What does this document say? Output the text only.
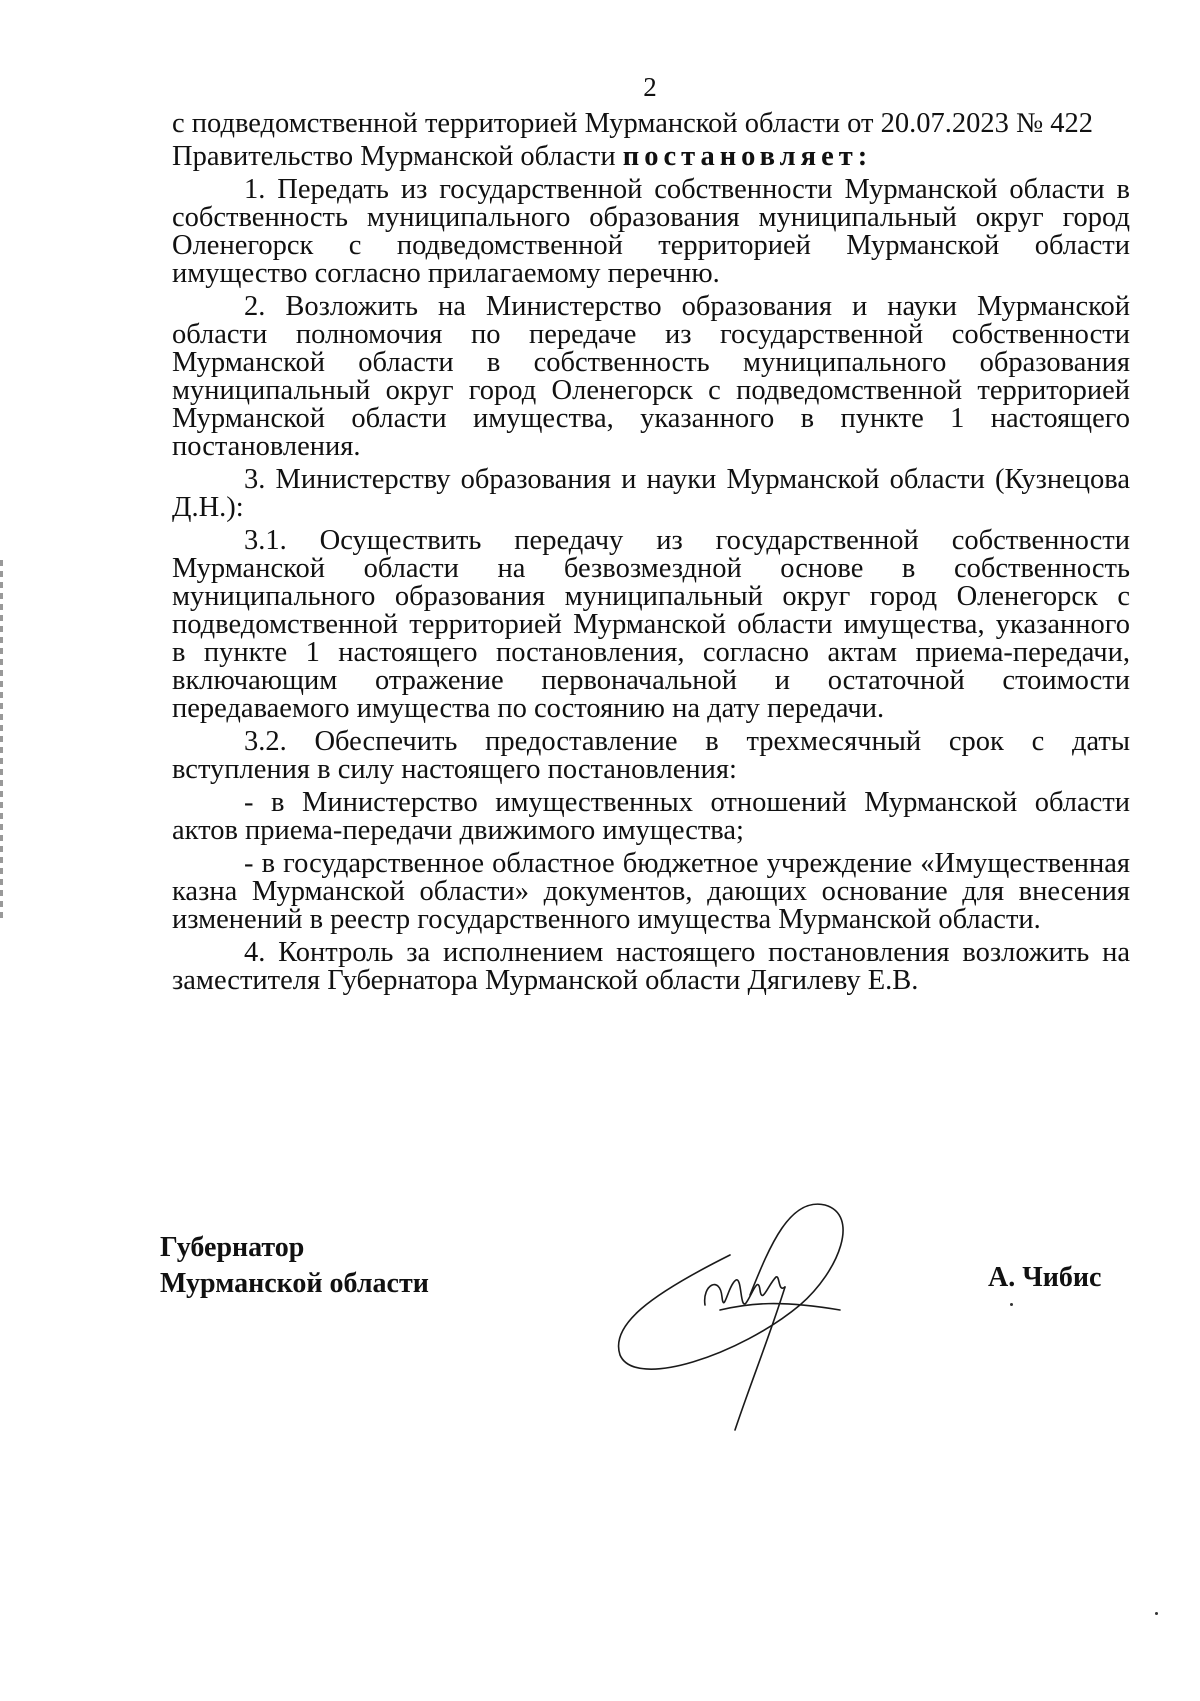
2

с подведомственной территорией Мурманской области от 20.07.2023 № 422

Правительство Мурманской области постановляет:

1. Передать из государственной собственности Мурманской области в собственность муниципального образования муниципальный округ город Оленегорск с подведомственной территорией Мурманской области имущество согласно прилагаемому перечню.

2. Возложить на Министерство образования и науки Мурманской области полномочия по передаче из государственной собственности Мурманской области в собственность муниципального образования муниципальный округ город Оленегорск с подведомственной территорией Мурманской области имущества, указанного в пункте 1 настоящего постановления.

3. Министерству образования и науки Мурманской области (Кузнецова Д.Н.):

3.1. Осуществить передачу из государственной собственности Мурманской области на безвозмездной основе в собственность муниципального образования муниципальный округ город Оленегорск с подведомственной территорией Мурманской области имущества, указанного в пункте 1 настоящего постановления, согласно актам приема-передачи, включающим отражение первоначальной и остаточной стоимости передаваемого имущества по состоянию на дату передачи.

3.2. Обеспечить предоставление в трехмесячный срок с даты вступления в силу настоящего постановления:

- в Министерство имущественных отношений Мурманской области актов приема-передачи движимого имущества;

- в государственное областное бюджетное учреждение «Имущественная казна Мурманской области» документов, дающих основание для внесения изменений в реестр государственного имущества Мурманской области.

4. Контроль за исполнением настоящего постановления возложить на заместителя Губернатора Мурманской области Дягилеву Е.В.

Губернатор
Мурманской области	А. Чибис
